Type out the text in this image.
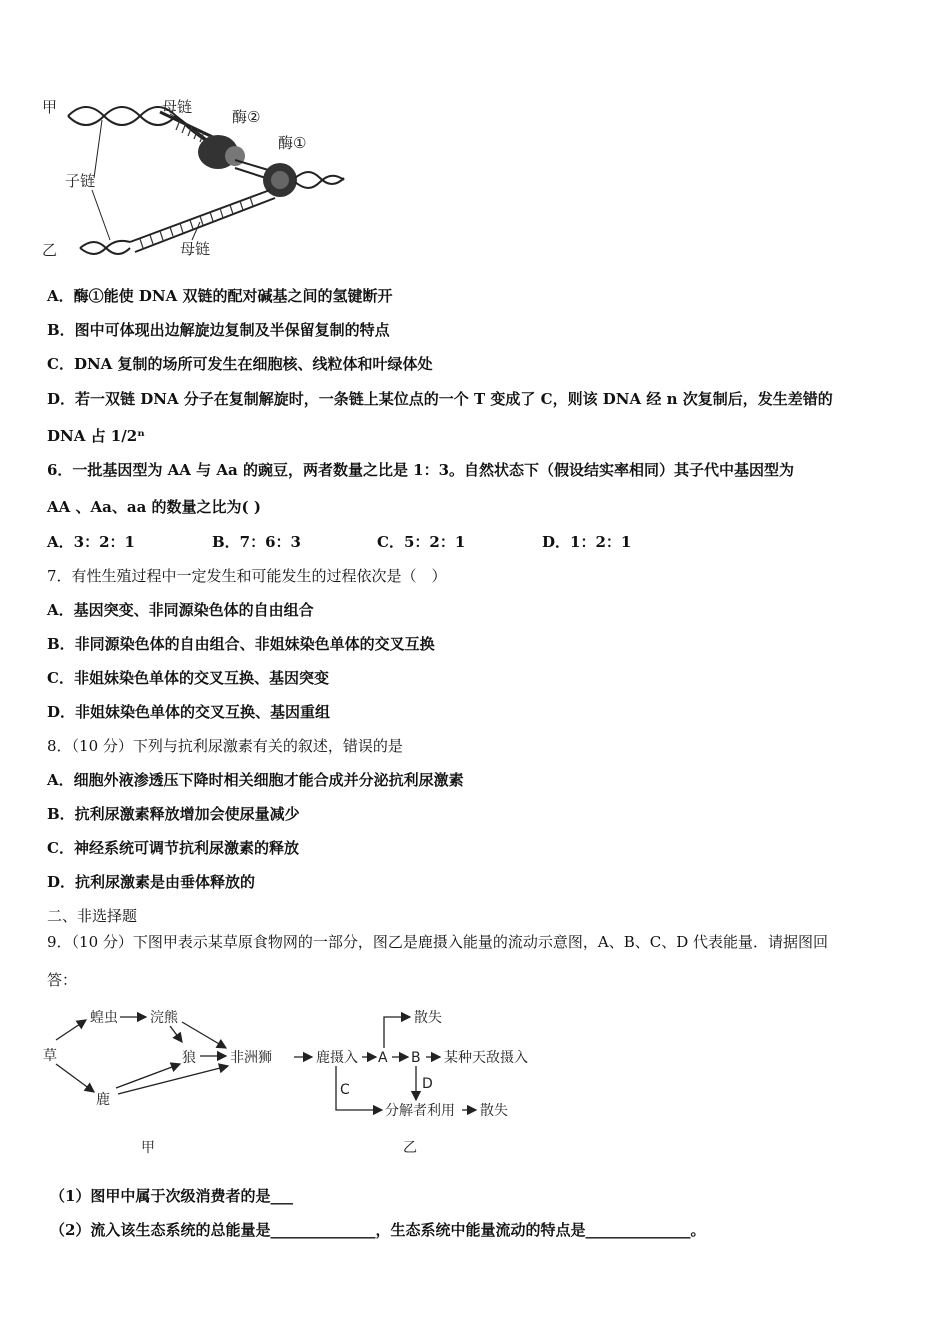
甲
乙
母链
母链
子链
酶②
酶①
A．酶①能使 DNA 双链的配对碱基之间的氢键断开
B．图中可体现出边解旋边复制及半保留复制的特点
C．DNA 复制的场所可发生在细胞核、线粒体和叶绿体处
D．若一双链 DNA 分子在复制解旋时，一条链上某位点的一个 T 变成了 C，则该 DNA 经 n 次复制后，发生差错的
DNA 占 1/2ⁿ
6．一批基因型为 AA 与 Aa 的豌豆，两者数量之比是 1：3。自然状态下（假设结实率相同）其子代中基因型为
AA 、Aa、aa 的数量之比为( )
A．3：2：1	B．7：6：3	C．5：2：1	D．1：2：1
7．有性生殖过程中一定发生和可能发生的过程依次是（　）
A．基因突变、非同源染色体的自由组合
B．非同源染色体的自由组合、非姐妹染色单体的交叉互换
C．非姐妹染色单体的交叉互换、基因突变
D．非姐妹染色单体的交叉互换、基因重组
8．（10 分）下列与抗利尿激素有关的叙述，错误的是
A．细胞外液渗透压下降时相关细胞才能合成并分泌抗利尿激素
B．抗利尿激素释放增加会使尿量减少
C．神经系统可调节抗利尿激素的释放
D．抗利尿激素是由垂体释放的
二、非选择题
9．（10 分）下图甲表示某草原食物网的一部分，图乙是鹿摄入能量的流动示意图，A、B、C、D 代表能量．请据图回
答：
草
蝗虫 浣熊
狼 非洲狮
鹿
甲
散失
鹿摄入 A B 某种天敌摄入
D
C
分解者利用 散失
乙
（1）图甲中属于次级消费者的是___
（2）流入该生态系统的总能量是______________，生态系统中能量流动的特点是______________。
